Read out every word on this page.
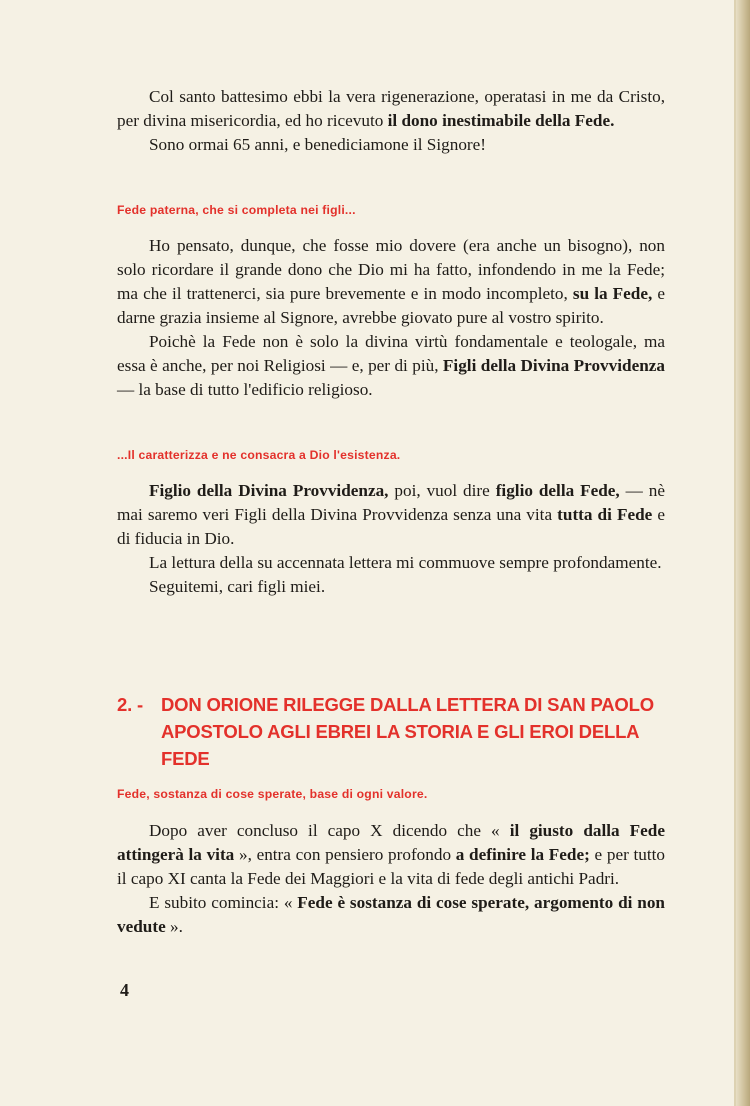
Col santo battesimo ebbi la vera rigenerazione, operatasi in me da Cristo, per divina misericordia, ed ho ricevuto il dono inestimabile della Fede.

Sono ormai 65 anni, e benediciamone il Signore!

Fede paterna, che si completa nei figli...

Ho pensato, dunque, che fosse mio dovere (era anche un bisogno), non solo ricordare il grande dono che Dio mi ha fatto, infondendo in me la Fede; ma che il trattenerci, sia pure brevemente e in modo incompleto, su la Fede, e darne grazia insieme al Signore, avrebbe giovato pure al vostro spirito.

Poichè la Fede non è solo la divina virtù fondamentale e teologale, ma essa è anche, per noi Religiosi — e, per di più, Figli della Divina Provvidenza — la base di tutto l'edificio religioso.

...Il caratterizza e ne consacra a Dio l'esistenza.

Figlio della Divina Provvidenza, poi, vuol dire figlio della Fede, — nè mai saremo veri Figli della Divina Provvidenza senza una vita tutta di Fede e di fiducia in Dio.

La lettura della su accennata lettera mi commuove sempre profondamente.

Seguitemi, cari figli miei.

2. - DON ORIONE RILEGGE DALLA LETTERA DI SAN PAOLO
APOSTOLO AGLI EBREI LA STORIA E GLI EROI DELLA FEDE
Fede, sostanza di cose sperate, base di ogni valore.

Dopo aver concluso il capo X dicendo che « il giusto dalla Fede attingerà la vita », entra con pensiero profondo a definire la Fede; e per tutto il capo XI canta la Fede dei Maggiori e la vita di fede degli antichi Padri.

E subito comincia: « Fede è sostanza di cose sperate, argomento di non vedute ».

4
